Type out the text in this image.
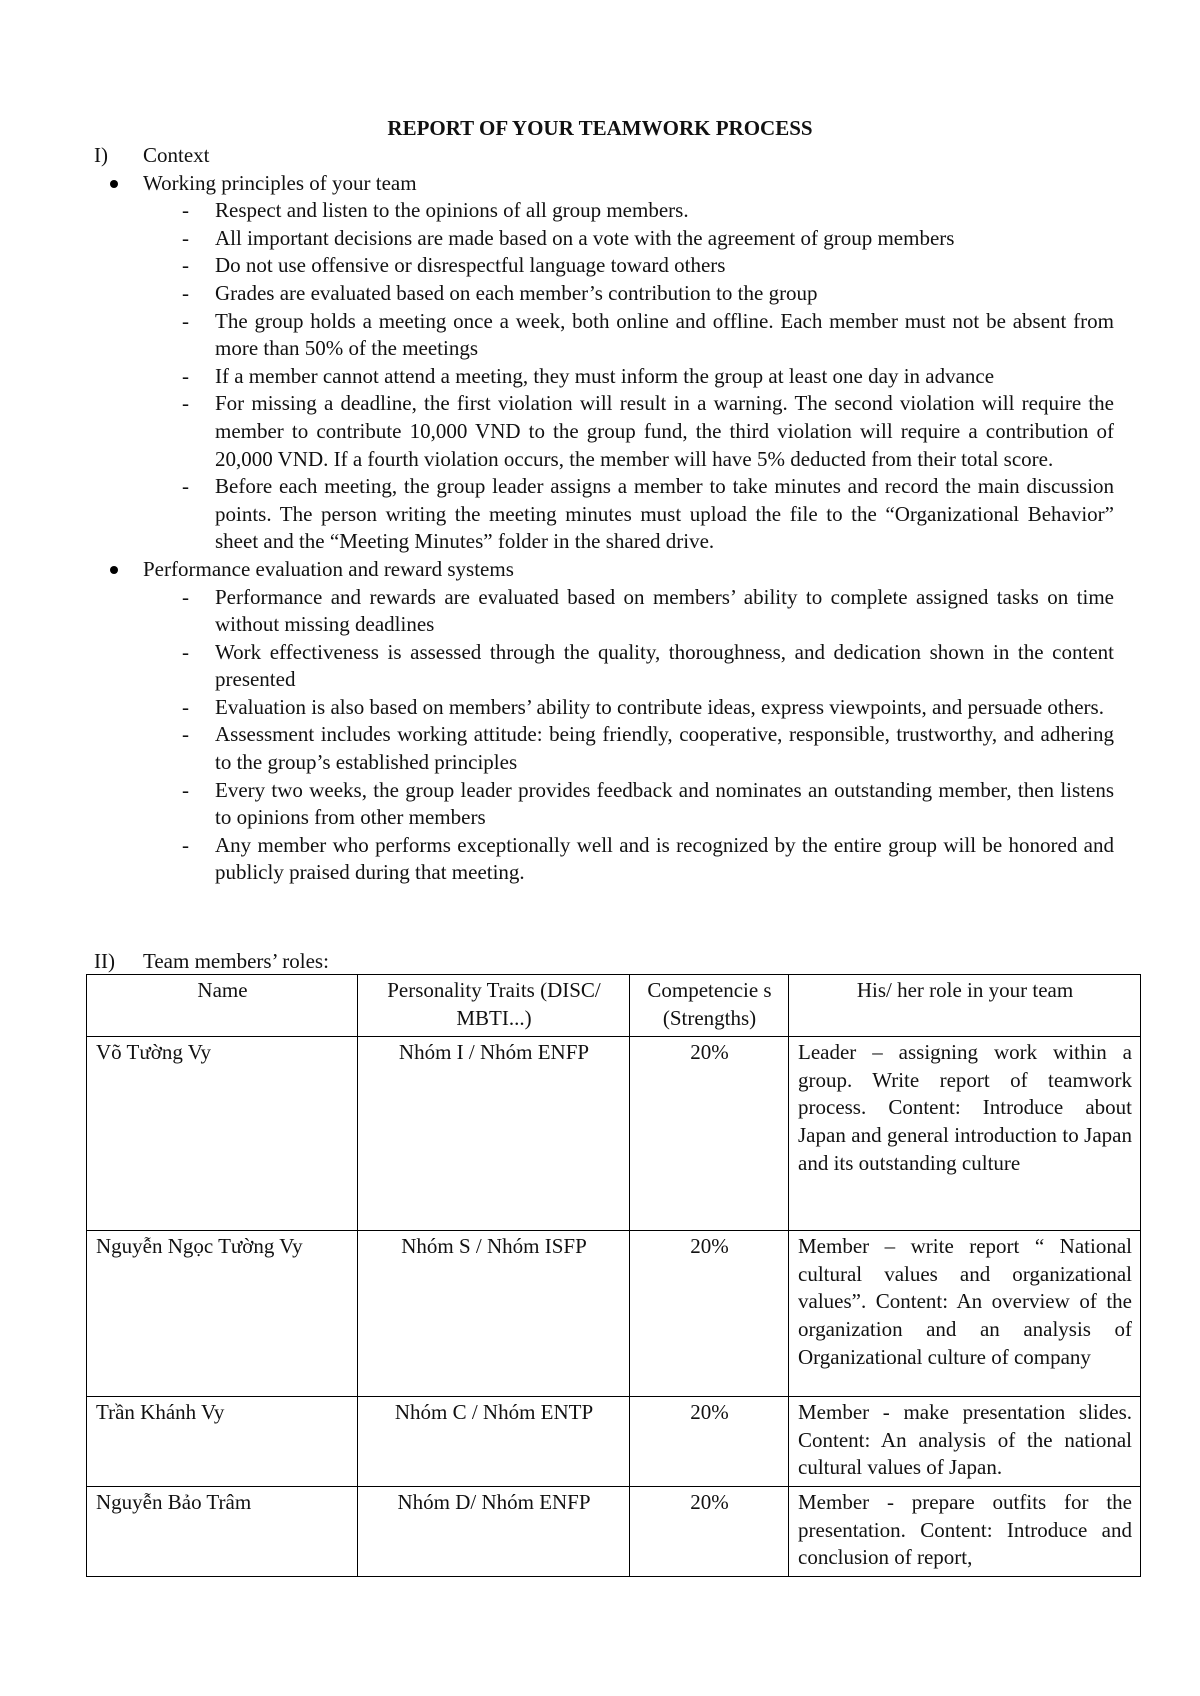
REPORT OF YOUR TEAMWORK PROCESS
I) Context
Working principles of your team
- Respect and listen to the opinions of all group members.
- All important decisions are made based on a vote with the agreement of group members
- Do not use offensive or disrespectful language toward others
- Grades are evaluated based on each member’s contribution to the group
- The group holds a meeting once a week, both online and offline. Each member must not be absent from more than 50% of the meetings
- If a member cannot attend a meeting, they must inform the group at least one day in advance
- For missing a deadline, the first violation will result in a warning. The second violation will require the member to contribute 10,000 VND to the group fund, the third violation will require a contribution of 20,000 VND. If a fourth violation occurs, the member will have 5% deducted from their total score.
- Before each meeting, the group leader assigns a member to take minutes and record the main discussion points. The person writing the meeting minutes must upload the file to the “Organizational Behavior” sheet and the “Meeting Minutes” folder in the shared drive.
Performance evaluation and reward systems
- Performance and rewards are evaluated based on members’ ability to complete assigned tasks on time without missing deadlines
- Work effectiveness is assessed through the quality, thoroughness, and dedication shown in the content presented
- Evaluation is also based on members’ ability to contribute ideas, express viewpoints, and persuade others.
- Assessment includes working attitude: being friendly, cooperative, responsible, trustworthy, and adhering to the group’s established principles
- Every two weeks, the group leader provides feedback and nominates an outstanding member, then listens to opinions from other members
- Any member who performs exceptionally well and is recognized by the entire group will be honored and publicly praised during that meeting.
II) Team members’ roles:
Name	Personality Traits (DISC/ MBTI...)	Competencie s (Strengths)	His/ her role in your team
Võ Tường Vy	Nhóm I / Nhóm ENFP	20%	Leader – assigning work within a group. Write report of teamwork process. Content: Introduce about Japan and general introduction to Japan and its outstanding culture
Nguyễn Ngọc Tường Vy	Nhóm S / Nhóm ISFP	20%	Member – write report “ National cultural values and organizational values”. Content: An overview of the organization and an analysis of Organizational culture of company
Trần Khánh Vy	Nhóm C / Nhóm ENTP	20%	Member - make presentation slides. Content: An analysis of the national cultural values of Japan.
Nguyễn Bảo Trâm	Nhóm D/ Nhóm ENFP	20%	Member - prepare outfits for the presentation. Content: Introduce and conclusion of report,
